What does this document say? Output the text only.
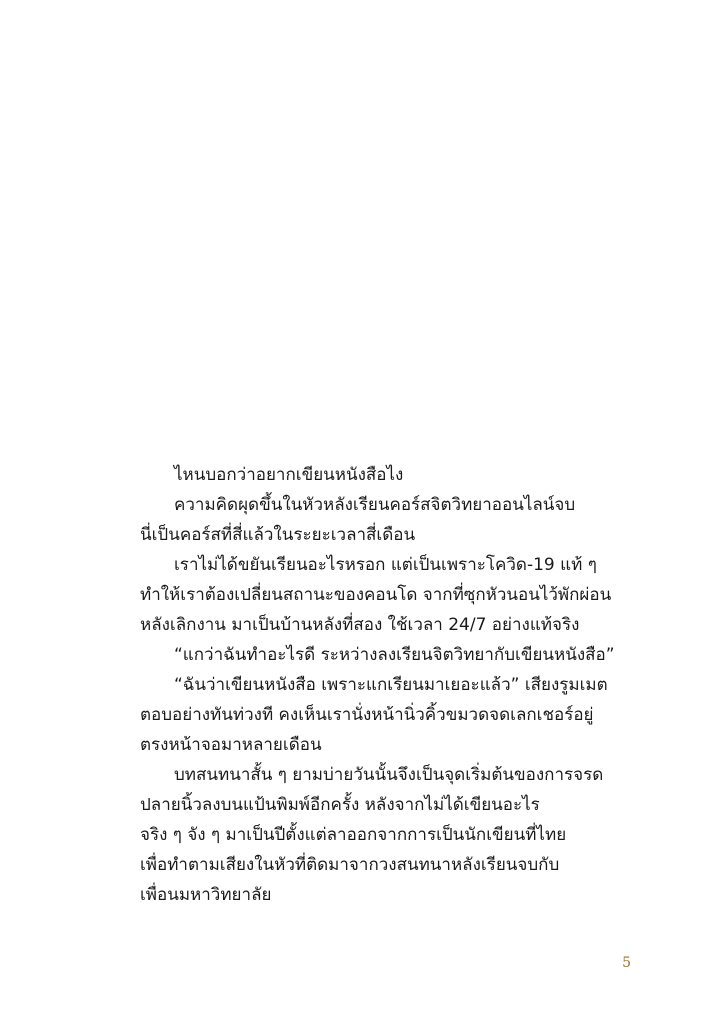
ไหนบอกว่าอยากเขียนหนังสือไง
ความคิดผุดขึ้นในหัวหลังเรียนคอร์สจิตวิทยาออนไลน์จบ
นี่เป็นคอร์สที่สี่แล้วในระยะเวลาสี่เดือน
เราไม่ได้ขยันเรียนอะไรหรอก แต่เป็นเพราะโควิด-19 แท้ ๆ
ทำให้เราต้องเปลี่ยนสถานะของคอนโด จากที่ซุกหัวนอนไว้พักผ่อน
หลังเลิกงาน มาเป็นบ้านหลังที่สอง ใช้เวลา 24/7 อย่างแท้จริง
“แกว่าฉันทำอะไรดี ระหว่างลงเรียนจิตวิทยากับเขียนหนังสือ”
“ฉันว่าเขียนหนังสือ เพราะแกเรียนมาเยอะแล้ว” เสียงรูมเมต
ตอบอย่างทันท่วงที คงเห็นเรานั่งหน้านิ่วคิ้วขมวดจดเลกเชอร์อยู่
ตรงหน้าจอมาหลายเดือน
บทสนทนาสั้น ๆ ยามบ่ายวันนั้นจึงเป็นจุดเริ่มต้นของการจรด
ปลายนิ้วลงบนแป้นพิมพ์อีกครั้ง หลังจากไม่ได้เขียนอะไร
จริง ๆ จัง ๆ มาเป็นปีตั้งแต่ลาออกจากการเป็นนักเขียนที่ไทย
เพื่อทำตามเสียงในหัวที่ติดมาจากวงสนทนาหลังเรียนจบกับ
เพื่อนมหาวิทยาลัย
5
